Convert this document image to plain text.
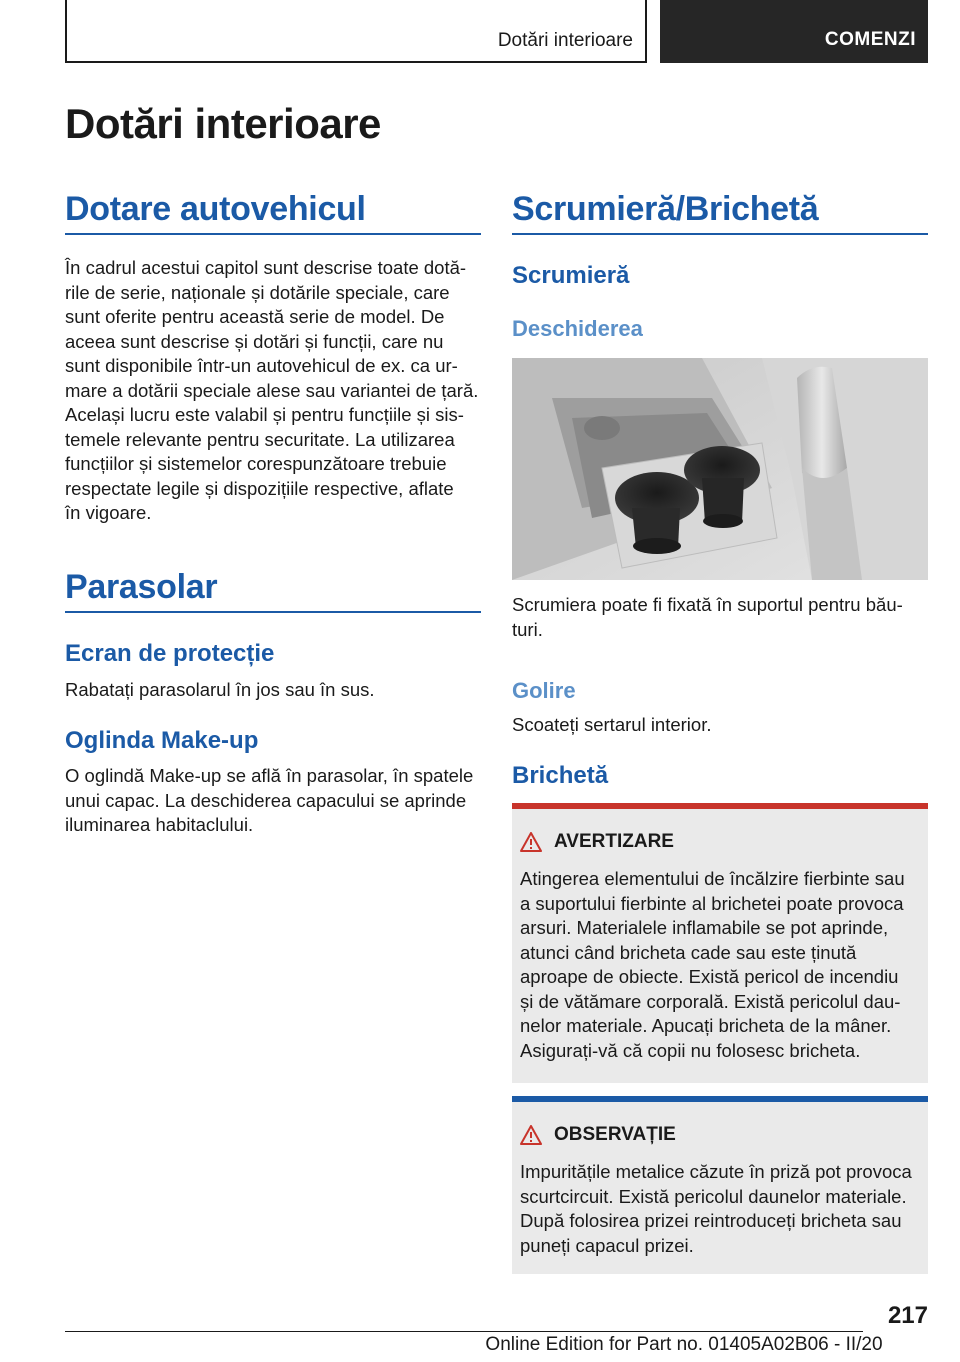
Dotări interioare	COMENZI
Dotări interioare
Dotare autovehicul
În cadrul acestui capitol sunt descrise toate dotă-
rile de serie, naționale și dotările speciale, care
sunt oferite pentru această serie de model. De
aceea sunt descrise și dotări și funcții, care nu
sunt disponibile într-un autovehicul de ex. ca ur-
mare a dotării speciale alese sau variantei de țară.
Același lucru este valabil și pentru funcțiile și sis-
temele relevante pentru securitate. La utilizarea
funcțiilor și sistemelor corespunzătoare trebuie
respectate legile și dispozițiile respective, aflate
în vigoare.
Parasolar
Ecran de protecție

Rabatați parasolarul în jos sau în sus.

Oglinda Make-up
O oglindă Make-up se află în parasolar, în spatele
unui capac. La deschiderea capacului se aprinde
iluminarea habitaclului.
Scrumieră/Brichetă
Scrumieră
Deschiderea
Scrumiera poate fi fixată în suportul pentru bău-
turi.
Golire

Scoateți sertarul interior.

Brichetă
AVERTIZARE
Atingerea elementului de încălzire fierbinte sau
a suportului fierbinte al brichetei poate provoca
arsuri. Materialele inflamabile se pot aprinde,
atunci când bricheta cade sau este ținută
aproape de obiecte. Există pericol de incendiu
și de vătămare corporală. Există pericolul dau-
nelor materiale. Apucați bricheta de la mâner.
Asigurați-vă că copii nu folosesc bricheta.
OBSERVAȚIE
Impuritățile metalice căzute în priză pot provoca
scurtcircuit. Există pericolul daunelor materiale.
După folosirea prizei reintroduceți bricheta sau
puneți capacul prizei.
217
Online Edition for Part no. 01405A02B06 - II/20
